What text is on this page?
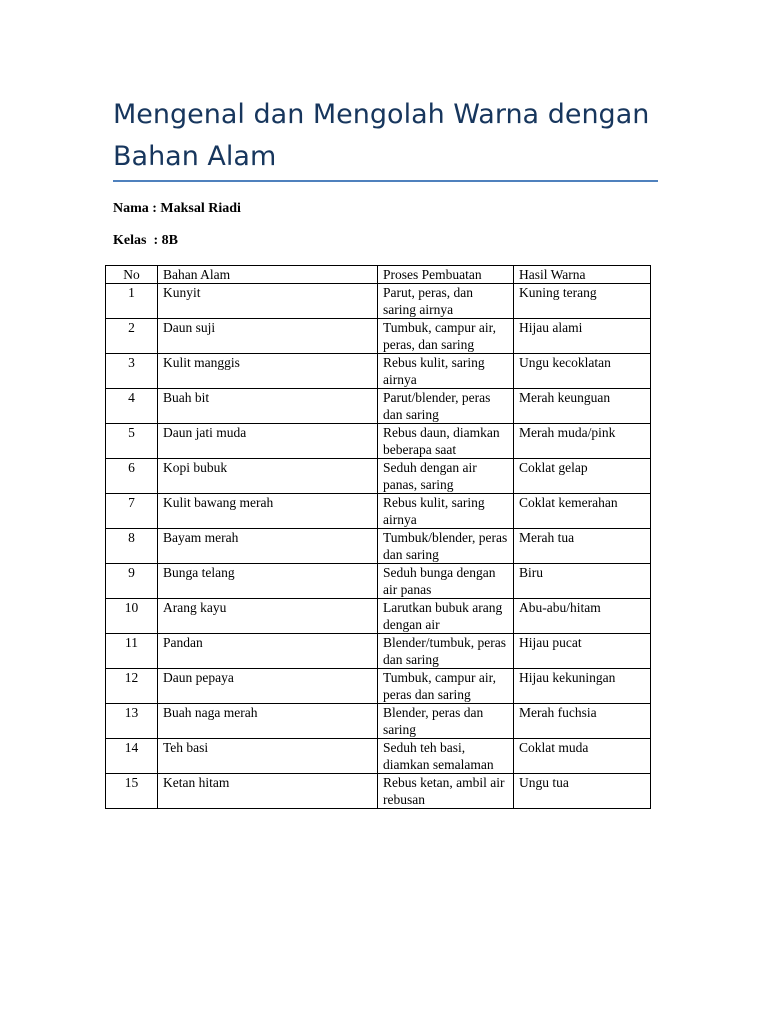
Mengenal dan Mengolah Warna dengan Bahan Alam
Nama : Maksal Riadi
Kelas  : 8B
No	Bahan Alam	Proses Pembuatan	Hasil Warna
1	Kunyit	Parut, peras, dan saring airnya	Kuning terang
2	Daun suji	Tumbuk, campur air, peras, dan saring	Hijau alami
3	Kulit manggis	Rebus kulit, saring airnya	Ungu kecoklatan
4	Buah bit	Parut/blender, peras dan saring	Merah keunguan
5	Daun jati muda	Rebus daun, diamkan beberapa saat	Merah muda/pink
6	Kopi bubuk	Seduh dengan air panas, saring	Coklat gelap
7	Kulit bawang merah	Rebus kulit, saring airnya	Coklat kemerahan
8	Bayam merah	Tumbuk/blender, peras dan saring	Merah tua
9	Bunga telang	Seduh bunga dengan air panas	Biru
10	Arang kayu	Larutkan bubuk arang dengan air	Abu-abu/hitam
11	Pandan	Blender/tumbuk, peras dan saring	Hijau pucat
12	Daun pepaya	Tumbuk, campur air, peras dan saring	Hijau kekuningan
13	Buah naga merah	Blender, peras dan saring	Merah fuchsia
14	Teh basi	Seduh teh basi, diamkan semalaman	Coklat muda
15	Ketan hitam	Rebus ketan, ambil air rebusan	Ungu tua
